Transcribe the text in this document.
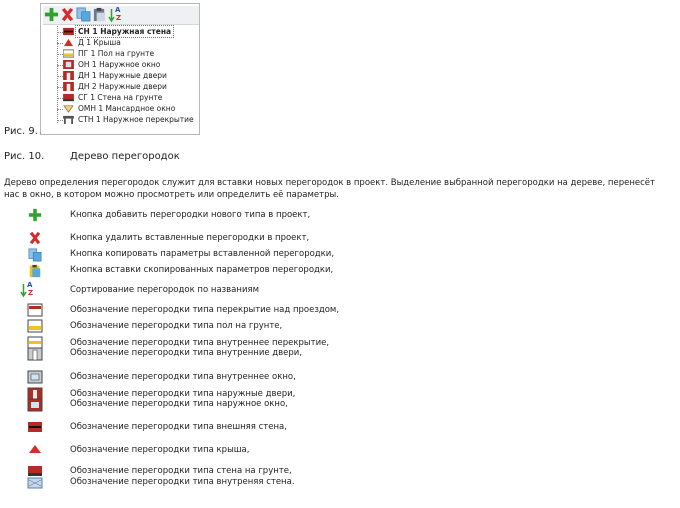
A
Z
СН 1 Наружная стена
Д 1 Крыша
ПГ 1 Пол на грунте
ОН 1 Наружное окно
ДН 1 Наружные двери
ДН 2 Наружные двери
СГ 1 Стена на грунте
ОМН 1 Мансардное окно
СТН 1 Наружное перекрытие
Рис. 9.
Рис. 10.	Дерево перегородок
Дерево определения перегородок служит для вставки новых перегородок в проект. Выделение выбранной перегородки на дереве, перенесёт нас в окно, в котором можно просмотреть или определить её параметры.
Кнопка добавить перегородки нового типа в проект,
Кнопка удалить вставленные перегородки в проект,
Кнопка копировать параметры вставленной перегородки,
Кнопка вставки скопированных параметров перегородки,
A
Z	Сортирование перегородок по названиям
Обозначение перегородки типа перекрытие над проездом,
Обозначение перегородки типа пол на грунте,
Обозначение перегородки типа внутреннее перекрытие,
Обозначение перегородки типа внутренние двери,
Обозначение перегородки типа внутреннее окно,
Обозначение перегородки типа наружные двери,
Обозначение перегородки типа наружное окно,
Обозначение перегородки типа внешняя стена,
Обозначение перегородки типа крыша,
Обозначение перегородки типа стена на грунте,
Обозначение перегородки типа внутреняя стена.
